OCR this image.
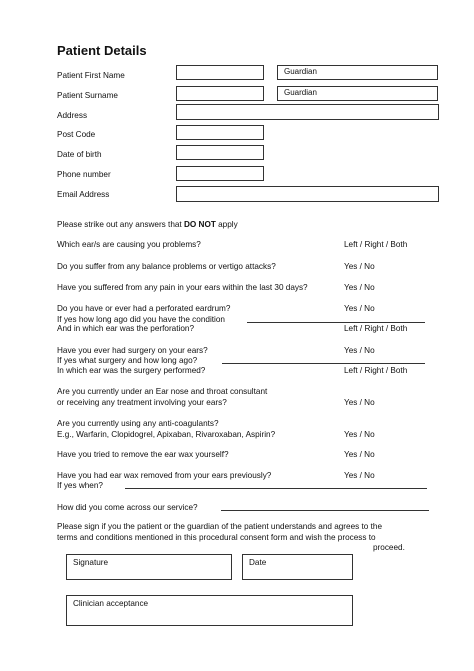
Patient Details
Patient First Name	Guardian
Patient Surname	Guardian
Address
Post Code
Date of birth
Phone number
Email Address
Please strike out any answers that DO NOT apply
Which ear/s are causing you problems?	Left / Right / Both
Do you suffer from any balance problems or vertigo attacks?	Yes / No
Have you suffered from any pain in your ears within the last 30 days?	Yes / No
Do you have or ever had a perforated eardrum?	Yes / No
If yes how long ago did you have the condition
And in which ear was the perforation?	Left / Right / Both
Have you ever had surgery on your ears?	Yes / No
If yes what surgery and how long ago?
In which ear was the surgery performed?	Left / Right / Both
Are you currently under an Ear nose and throat consultant
or receiving any treatment involving your ears?	Yes / No
Are you currently using any anti-coagulants?
E.g., Warfarin, Clopidogrel, Apixaban, Rivaroxaban, Aspirin?	Yes / No
Have you tried to remove the ear wax yourself?	Yes / No
Have you had ear wax removed from your ears previously?	Yes / No
If yes when?
How did you come across our service?
Please sign if you the patient or the guardian of the patient understands and agrees to the
terms and conditions mentioned in this procedural consent form and wish the process to
proceed.
Signature	Date
Clinician acceptance
